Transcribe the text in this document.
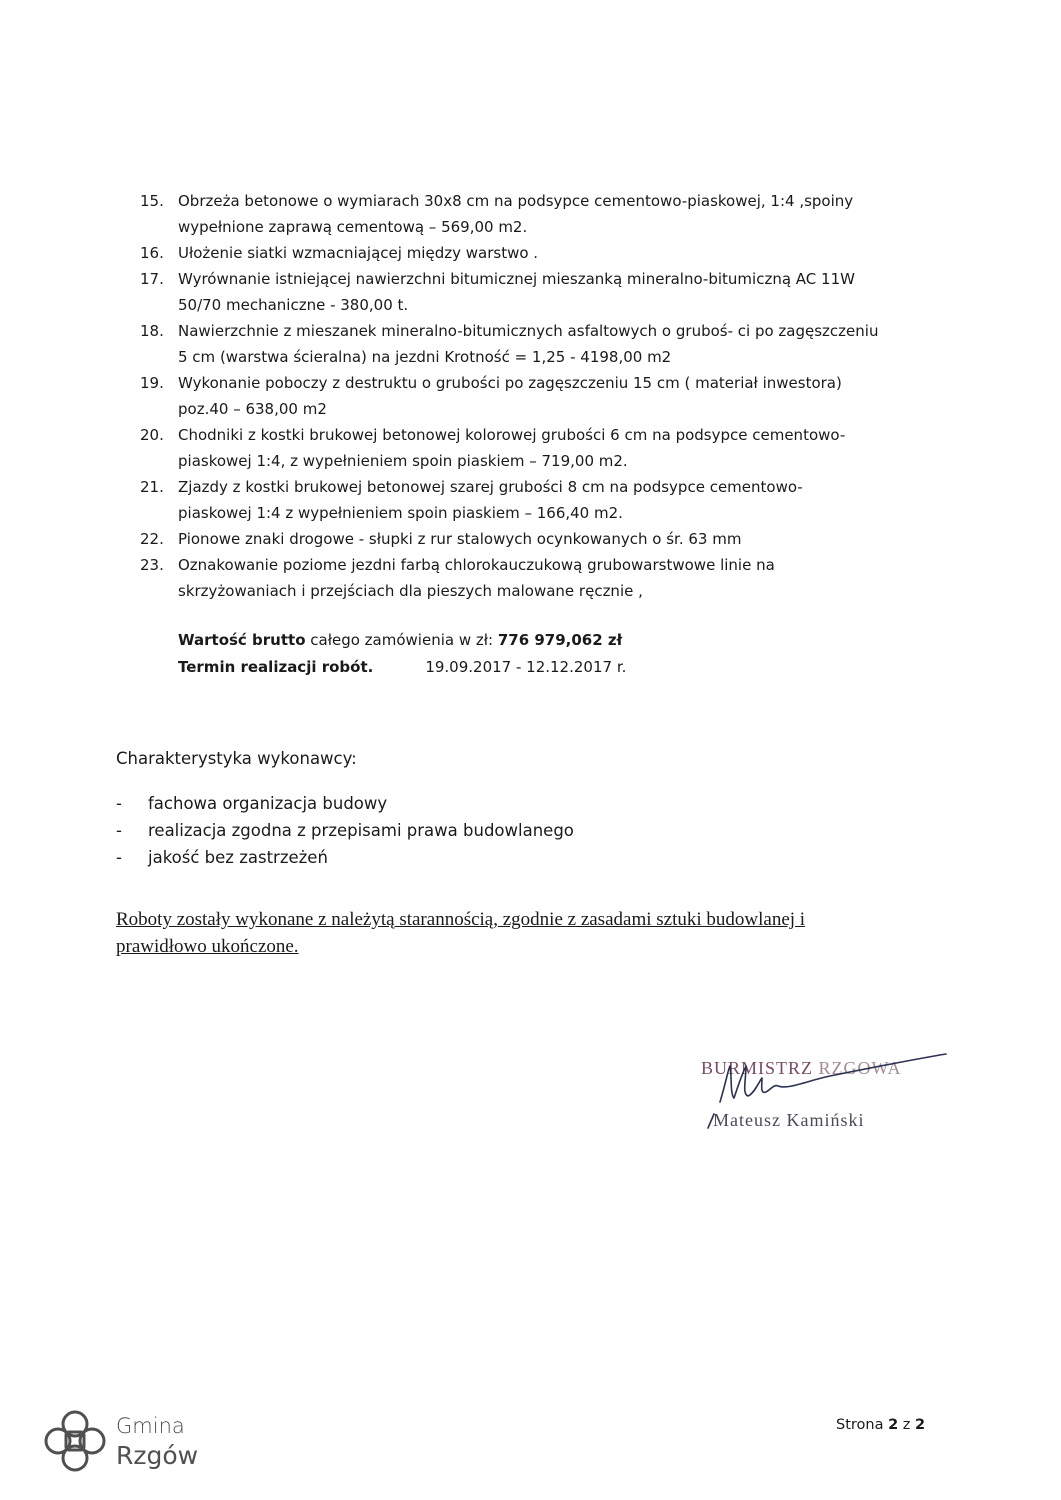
15. Obrzeża betonowe o wymiarach 30x8 cm na podsypce cementowo-piaskowej, 1:4 ,spoiny
wypełnione zaprawą cementową – 569,00 m2.
16. Ułożenie siatki wzmacniającej między warstwo .
17. Wyrównanie istniejącej nawierzchni bitumicznej mieszanką mineralno-bitumiczną AC 11W
50/70 mechaniczne - 380,00 t.
18. Nawierzchnie z mieszanek mineralno-bitumicznych asfaltowych o gruboś- ci po zagęszczeniu
5 cm (warstwa ścieralna) na jezdni Krotność = 1,25 - 4198,00 m2
19. Wykonanie poboczy z destruktu o grubości po zagęszczeniu 15 cm ( materiał inwestora)
poz.40 – 638,00 m2
20. Chodniki z kostki brukowej betonowej kolorowej grubości 6 cm na podsypce cementowo-
piaskowej 1:4, z wypełnieniem spoin piaskiem – 719,00 m2.
21. Zjazdy z kostki brukowej betonowej szarej grubości 8 cm na podsypce cementowo-
piaskowej 1:4 z wypełnieniem spoin piaskiem – 166,40 m2.
22. Pionowe znaki drogowe - słupki z rur stalowych ocynkowanych o śr. 63 mm
23. Oznakowanie poziome jezdni farbą chlorokauczukową grubowarstwowe linie na
skrzyżowaniach i przejściach dla pieszych malowane ręcznie ,
Wartość brutto całego zamówienia w zł: 776 979,062 zł
Termin realizacji robót.	19.09.2017 - 12.12.2017 r.
Charakterystyka wykonawcy:
-	fachowa organizacja budowy
-	realizacja zgodna z przepisami prawa budowlanego
-	jakość bez zastrzeżeń
Roboty zostały wykonane z należytą starannością, zgodnie z zasadami sztuki budowlanej i
prawidłowo ukończone.
BURMISTRZ RZGOWA
Mateusz Kamiński
Gmina
Rzgów
Strona 2 z 2
